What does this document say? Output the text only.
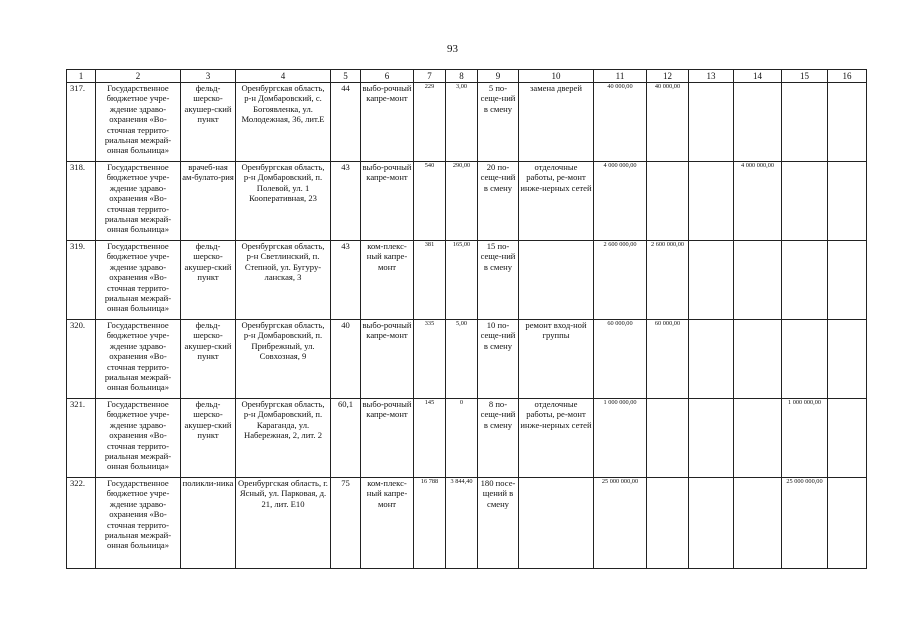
93
1	2	3	4	5	6	7	8	9	10	11	12	13	14	15	16
317.	Государственное бюджетное учре-ждение здраво-охранения «Во-сточная террито-риальная межрай-онная больница»	фельд-шерско-акушер-ский пункт	Оренбургская область, р-н Домбаровский, с. Богоявленка, ул. Молодежная, 36, лит.Е	44	выбо-рочный капре-монт	229	3,00	5 по-сеще-ний в смену	замена дверей	40 000,00	40 000,00				
318.	Государственное бюджетное учре-ждение здраво-охранения «Во-сточная террито-риальная межрай-онная больница»	врачеб-ная ам-булато-рия	Оренбургская область, р-н Домбаровский, п. Полевой, ул. 1 Кооперативная, 23	43	выбо-рочный капре-монт	540	290,00	20 по-сеще-ний в смену	отделочные работы, ре-монт инже-нерных сетей	4 000 000,00			4 000 000,00		
319.	Государственное бюджетное учре-ждение здраво-охранения «Во-сточная террито-риальная межрай-онная больница»	фельд-шерско-акушер-ский пункт	Оренбургская область, р-н Светлинский, п. Степной, ул. Бугуру-ланская, 3	43	ком-плекс-ный капре-монт	381	165,00	15 по-сеще-ний в смену		2 600 000,00	2 600 000,00				
320.	Государственное бюджетное учре-ждение здраво-охранения «Во-сточная террито-риальная межрай-онная больница»	фельд-шерско-акушер-ский пункт	Оренбургская область, р-н Домбаровский, п. Прибрежный, ул. Совхозная, 9	40	выбо-рочный капре-монт	335	5,00	10 по-сеще-ний в смену	ремонт вход-ной группы	60 000,00	60 000,00				
321.	Государственное бюджетное учре-ждение здраво-охранения «Во-сточная террито-риальная межрай-онная больница»	фельд-шерско-акушер-ский пункт	Оренбургская область, р-н Домбаровский, п. Караганда, ул. Набережная, 2, лит. 2	60,1	выбо-рочный капре-монт	145	0	8 по-сеще-ний в смену	отделочные работы, ре-монт инже-нерных сетей	1 000 000,00				1 000 000,00	
322.	Государственное бюджетное учре-ждение здраво-охранения «Во-сточная террито-риальная межрай-онная больница»	поликли-ника	Оренбургская область, г. Ясный, ул. Парковая, д. 21, лит. Е10	75	ком-плекс-ный капре-монт	16 788	3 844,40	180 посе-щений в смену		25 000 000,00				25 000 000,00	
